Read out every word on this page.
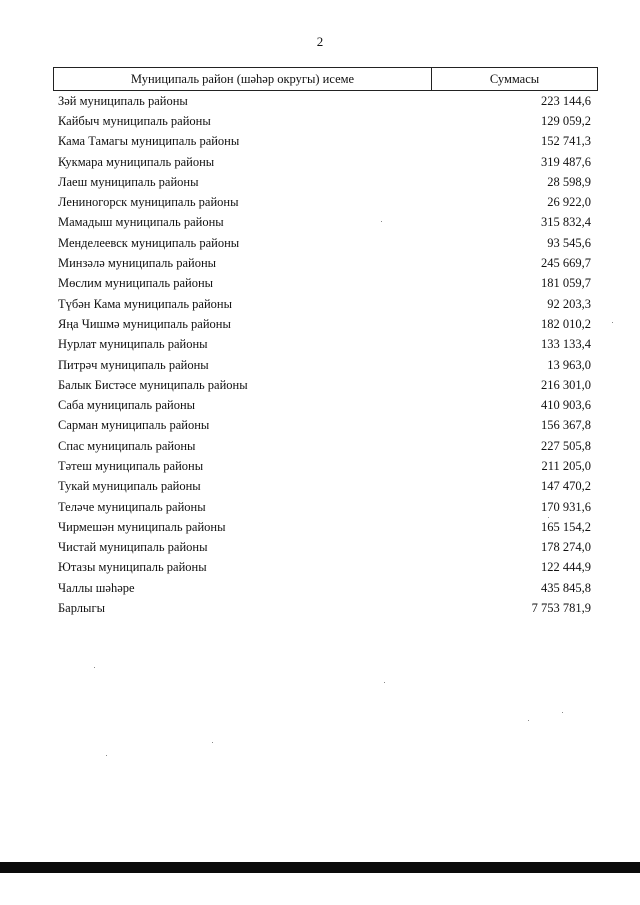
2
Муниципаль район (шәһәр округы) исеме	Суммасы
Зәй муниципаль районы	223 144,6
Кайбыч муниципаль районы	129 059,2
Кама Тамагы муниципаль районы	152 741,3
Кукмара муниципаль районы	319 487,6
Лаеш муниципаль районы	28 598,9
Лениногорск муниципаль районы	26 922,0
Мамадыш муниципаль районы	315 832,4
Менделеевск муниципаль районы	93 545,6
Минзәлә муниципаль районы	245 669,7
Мөслим муниципаль районы	181 059,7
Түбән Кама муниципаль районы	92 203,3
Яңа Чишмә муниципаль районы	182 010,2
Нурлат муниципаль районы	133 133,4
Питрәч муниципаль районы	13 963,0
Балык Бистәсе муниципаль районы	216 301,0
Саба муниципаль районы	410 903,6
Сарман муниципаль районы	156 367,8
Спас муниципаль районы	227 505,8
Тәтеш муниципаль районы	211 205,0
Тукай муниципаль районы	147 470,2
Теләче муниципаль районы	170 931,6
Чирмешән муниципаль районы	165 154,2
Чистай муниципаль районы	178 274,0
Ютазы муниципаль районы	122 444,9
Чаллы шәһәре	435 845,8
Барлыгы	7 753 781,9
